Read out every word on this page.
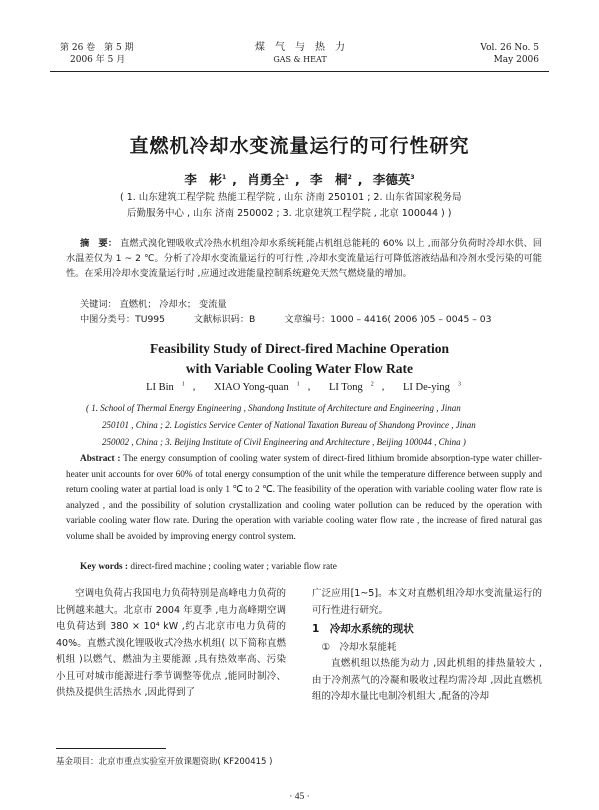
第 26 卷　第 5 期
2006 年 5 月
煤　气　与　热　力
GAS & HEAT
Vol. 26 No. 5
May 2006
直燃机冷却水变流量运行的可行性研究
李　彬$^1$ , 肖勇全$^1$ , 李　桐$^2$ , 李德英$^3$
( 1. 山东建筑工程学院 热能工程学院 , 山东 济南 250101 ; 2. 山东省国家税务局
后勤服务中心 , 山东 济南 250002 ; 3. 北京建筑工程学院 , 北京 100044 ) )
摘　要： 直燃式溴化锂吸收式冷热水机组冷却水系统耗能占机组总能耗的 60% 以上 ,而部分负荷时冷却水供、回水温差仅为 1 ~ 2 ℃。分析了冷却水变流量运行的可行性 ,冷却水变流量运行可降低溶液结晶和冷剂水受污染的可能性。在采用冷却水变流量运行时 ,应通过改进能量控制系统避免天然气燃烧量的增加。
关键词： 直燃机； 冷却水； 变流量
中图分类号：TU995	文献标识码：B	文章编号：1000 – 4416( 2006 )05 – 0045 – 03
Feasibility Study of Direct-fired Machine Operation
with Variable Cooling Water Flow Rate
LI Bin $^1$ , XIAO Yong-quan $^1$ , LI Tong $^2$ , LI De-ying $^3$
( 1. School of Thermal Energy Engineering , Shandong Institute of Architecture and Engineering , Jinan
250101 , China ; 2. Logistics Service Center of National Taxation Bureau of Shandong Province , Jinan
250002 , China ; 3. Beijing Institute of Civil Engineering and Architecture , Beijing 100044 , China )
Abstract : The energy consumption of cooling water system of direct-fired lithium bromide absorption-type water chiller-heater unit accounts for over 60% of total energy consumption of the unit while the temperature difference between supply and return cooling water at partial load is only 1 ℃ to 2 ℃. The feasibility of the operation with variable cooling water flow rate is analyzed , and the possibility of solution crystallization and cooling water pollution can be reduced by the operation with variable cooling water flow rate. During the operation with variable cooling water flow rate , the increase of fired natural gas volume shall be avoided by improving energy control system.
Key words : direct-fired machine ; cooling water ; variable flow rate

空调电负荷占我国电力负荷特别是高峰电力负荷的比例越来越大。北京市 2004 年夏季 ,电力高峰期空调电负荷达到 380 × 10⁴ kW ,约占北京市电力负荷的 40%。直燃式溴化锂吸收式冷热水机组( 以下简称直燃机组 )以燃气、燃油为主要能源 ,具有热效率高、污染小且可对城市能源进行季节调整等优点 ,能同时制冷、供热及提供生活热水 ,因此得到了

广泛应用[1~5]。本文对直燃机组冷却水变流量运行的可行性进行研究。

1　冷却水系统的现状
①　冷却水泵能耗

直燃机组以热能为动力 ,因此机组的排热量较大 ,由于冷剂蒸气的冷凝和吸收过程均需冷却 ,因此直燃机组的冷却水量比电制冷机组大 ,配备的冷却

基金项目：北京市重点实验室开放课题资助( KF200415 )
· 45 ·
